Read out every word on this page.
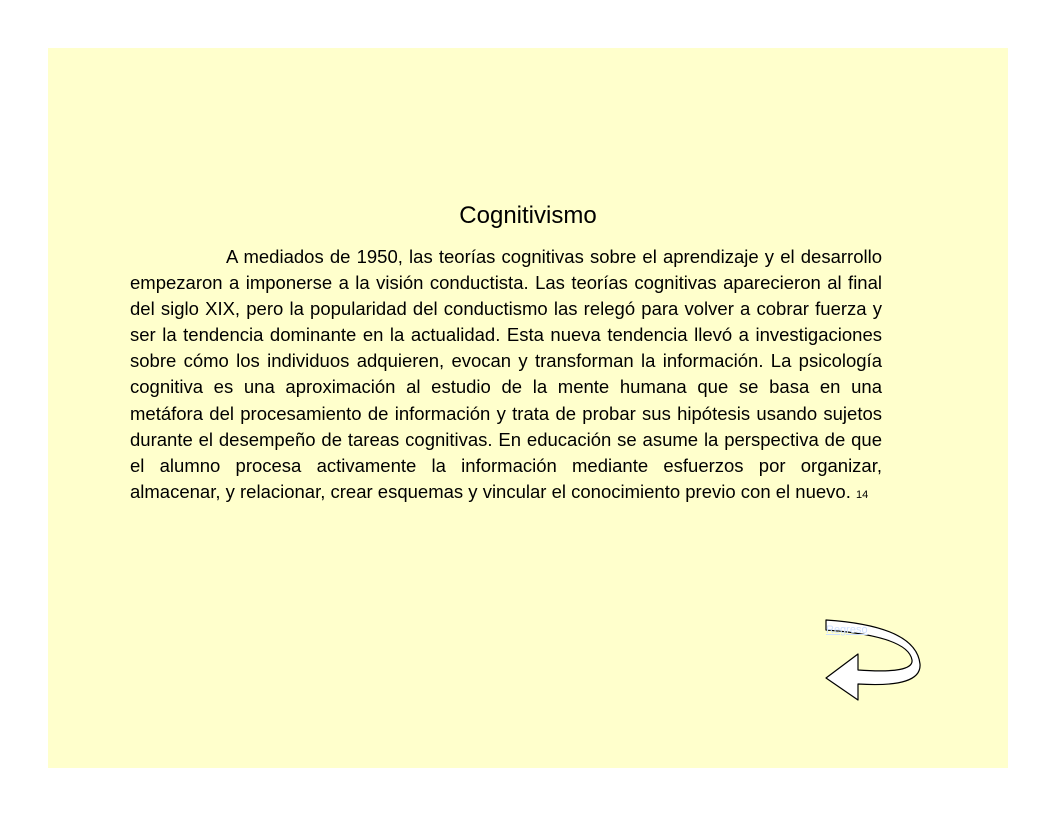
Cognitivismo

A mediados de 1950, las teorías cognitivas sobre el aprendizaje y el desarrollo empezaron a imponerse a la visión conductista. Las teorías cognitivas aparecieron al final del siglo XIX, pero la popularidad del conductismo las relegó para volver a cobrar fuerza y ser la tendencia dominante en la actualidad. Esta nueva tendencia llevó a investigaciones sobre cómo los individuos adquieren, evocan y transforman la información. La psicología cognitiva es una aproximación al estudio de la mente humana que se basa en una metáfora del procesamiento de información y trata de probar sus hipótesis usando sujetos durante el desempeño de tareas cognitivas. En educación se asume la perspectiva de que el alumno procesa activamente la información mediante esfuerzos por organizar, almacenar, y relacionar, crear esquemas y vincular el conocimiento previo con el nuevo. 14

Regreso
